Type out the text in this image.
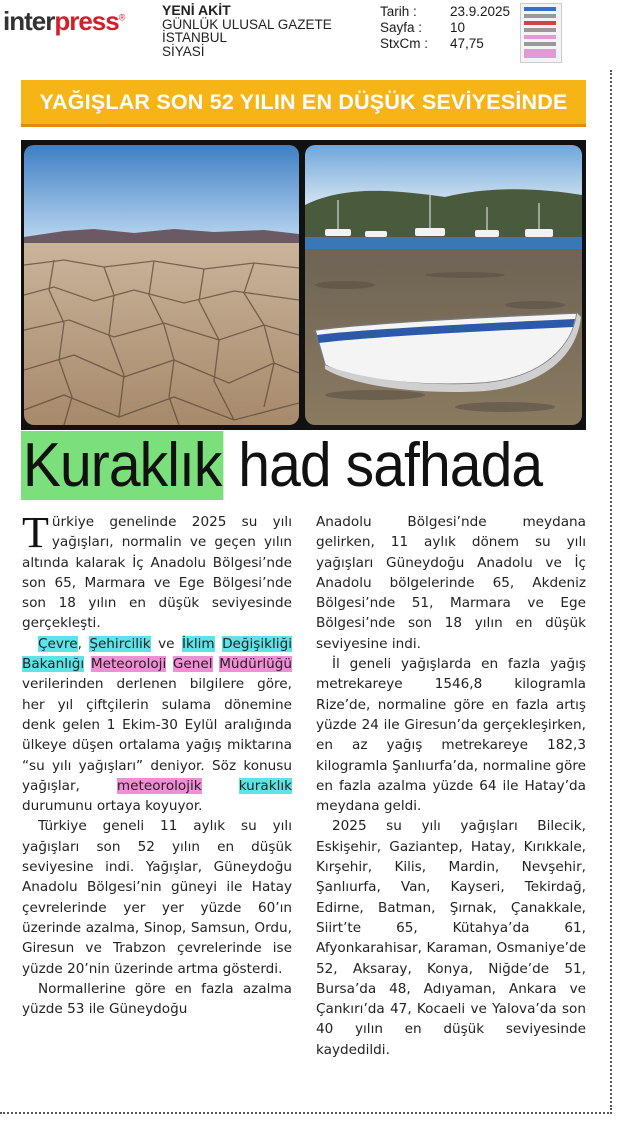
interpress®	YENİ AKİT
GÜNLÜK ULUSAL GAZETE
İSTANBUL
SİYASİ
Tarih :	23.9.2025
Sayfa :	10
StxCm :	47,75
YAĞIŞLAR SON 52 YILIN EN DÜŞÜK SEVİYESİNDE
Kuraklık had safhada

Türkiye genelinde 2025 su yılı yağışları, normalin ve geçen yılın altında kalarak İç Anadolu Bölgesi’nde son 65, Marmara ve Ege Bölgesi’nde son 18 yılın en düşük seviyesinde gerçekleşti.

Çevre, Şehircilik ve İklim Değişikliği Bakanlığı Meteoroloji Genel Müdürlüğü verilerinden derlenen bilgilere göre, her yıl çiftçilerin sulama dönemine denk gelen 1 Ekim-30 Eylül aralığında ülkeye düşen ortalama yağış miktarına “su yılı yağışları” deniyor. Söz konusu yağışlar, meteorolojik	kuraklık durumunu ortaya koyuyor.

Türkiye geneli 11 aylık su yılı yağışları son 52 yılın en düşük seviyesine indi. Yağışlar, Güneydoğu Anadolu Bölgesi’nin güneyi ile Hatay çevrelerinde yer yer yüzde 60’ın üzerinde azalma, Sinop, Samsun, Ordu, Giresun ve Trabzon çevrelerinde ise yüzde 20’nin üzerinde artma gösterdi.

Normallerine göre en fazla azalma yüzde 53 ile Güneydoğu

Anadolu Bölgesi’nde meydana gelirken, 11 aylık dönem su yılı yağışları Güneydoğu Anadolu ve İç Anadolu bölgelerinde 65, Akdeniz Bölgesi’nde 51, Marmara ve Ege Bölgesi’nde son 18 yılın en düşük seviyesine indi.

İl geneli yağışlarda en fazla yağış metrekareye 1546,8 kilogramla Rize’de, normaline göre en fazla artış yüzde 24 ile Giresun’da gerçekleşirken, en az yağış metrekareye 182,3 kilogramla Şanlıurfa’da, normaline göre en fazla azalma yüzde 64 ile Hatay’da meydana geldi.

2025 su yılı yağışları Bilecik, Eskişehir, Gaziantep, Hatay, Kırıkkale, Kırşehir, Kilis, Mardin, Nevşehir, Şanlıurfa, Van, Kayseri, Tekirdağ, Edirne, Batman, Şırnak, Çanakkale, Siirt’te 65, Kütahya’da 61, Afyonkarahisar, Karaman, Osmaniye’de 52, Aksaray, Konya, Niğde’de 51, Bursa’da 48, Adıyaman, Ankara ve Çankırı’da 47, Kocaeli ve Yalova’da son 40 yılın en düşük seviyesinde kaydedildi.
